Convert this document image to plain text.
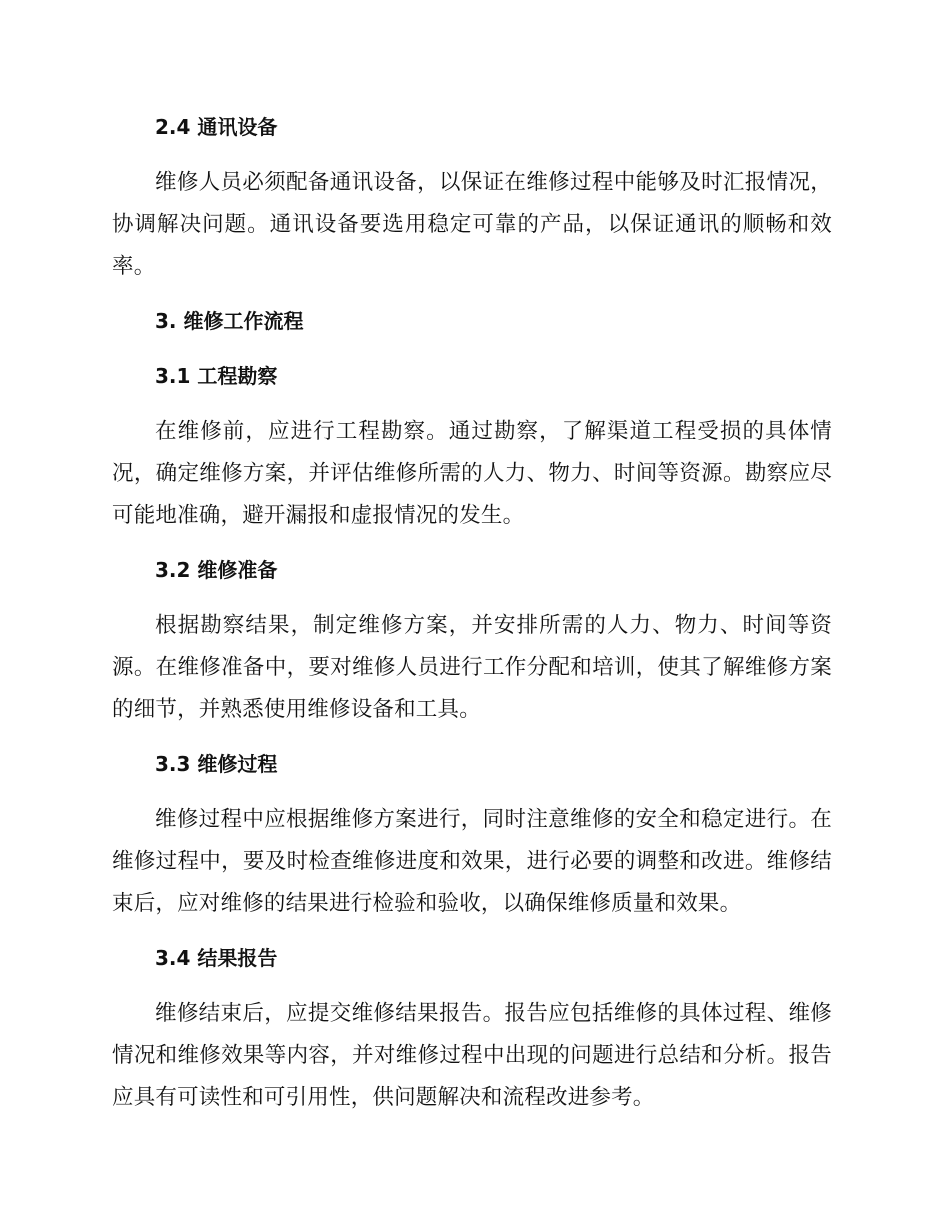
2.4 通讯设备

维修人员必须配备通讯设备，以保证在维修过程中能够及时汇报情况，协调解决问题。通讯设备要选用稳定可靠的产品，以保证通讯的顺畅和效率。

3. 维修工作流程
3.1 工程勘察

在维修前，应进行工程勘察。通过勘察，了解渠道工程受损的具体情况，确定维修方案，并评估维修所需的人力、物力、时间等资源。勘察应尽可能地准确，避开漏报和虚报情况的发生。

3.2 维修准备

根据勘察结果，制定维修方案，并安排所需的人力、物力、时间等资源。在维修准备中，要对维修人员进行工作分配和培训，使其了解维修方案的细节，并熟悉使用维修设备和工具。

3.3 维修过程

维修过程中应根据维修方案进行，同时注意维修的安全和稳定进行。在维修过程中，要及时检查维修进度和效果，进行必要的调整和改进。维修结束后，应对维修的结果进行检验和验收，以确保维修质量和效果。

3.4 结果报告

维修结束后，应提交维修结果报告。报告应包括维修的具体过程、维修情况和维修效果等内容，并对维修过程中出现的问题进行总结和分析。报告应具有可读性和可引用性，供问题解决和流程改进参考。
